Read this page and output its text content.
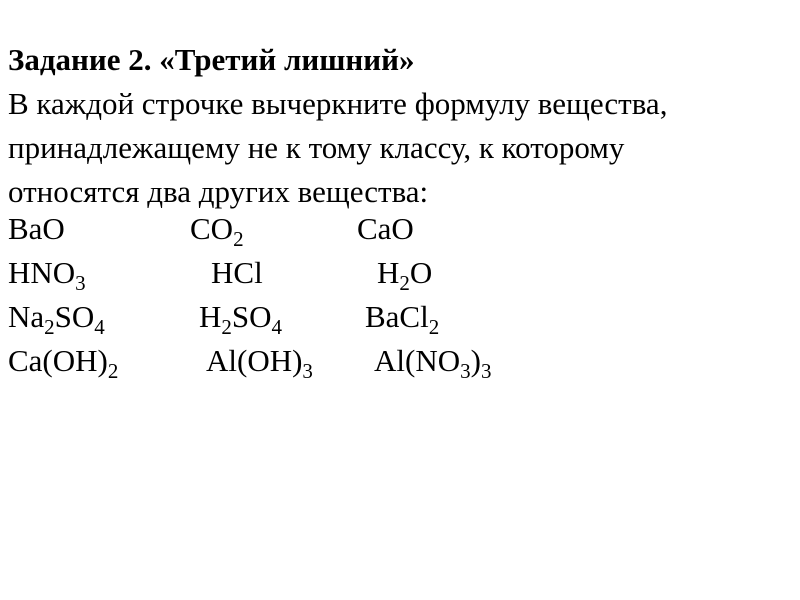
Задание 2. «Третий лишний»
В каждой строчке вычеркните формулу вещества,
принадлежащему не к тому классу, к которому
относятся два других вещества:
BaO	$CO_2$	CaO
$HNO_3$	HCl	$H_2O$
$Na_2SO_4$	$H_2SO_4$	BaCl$_2$
$Ca(OH)_2$	$Al(OH)_3$ $Al(NO_3)_3$
